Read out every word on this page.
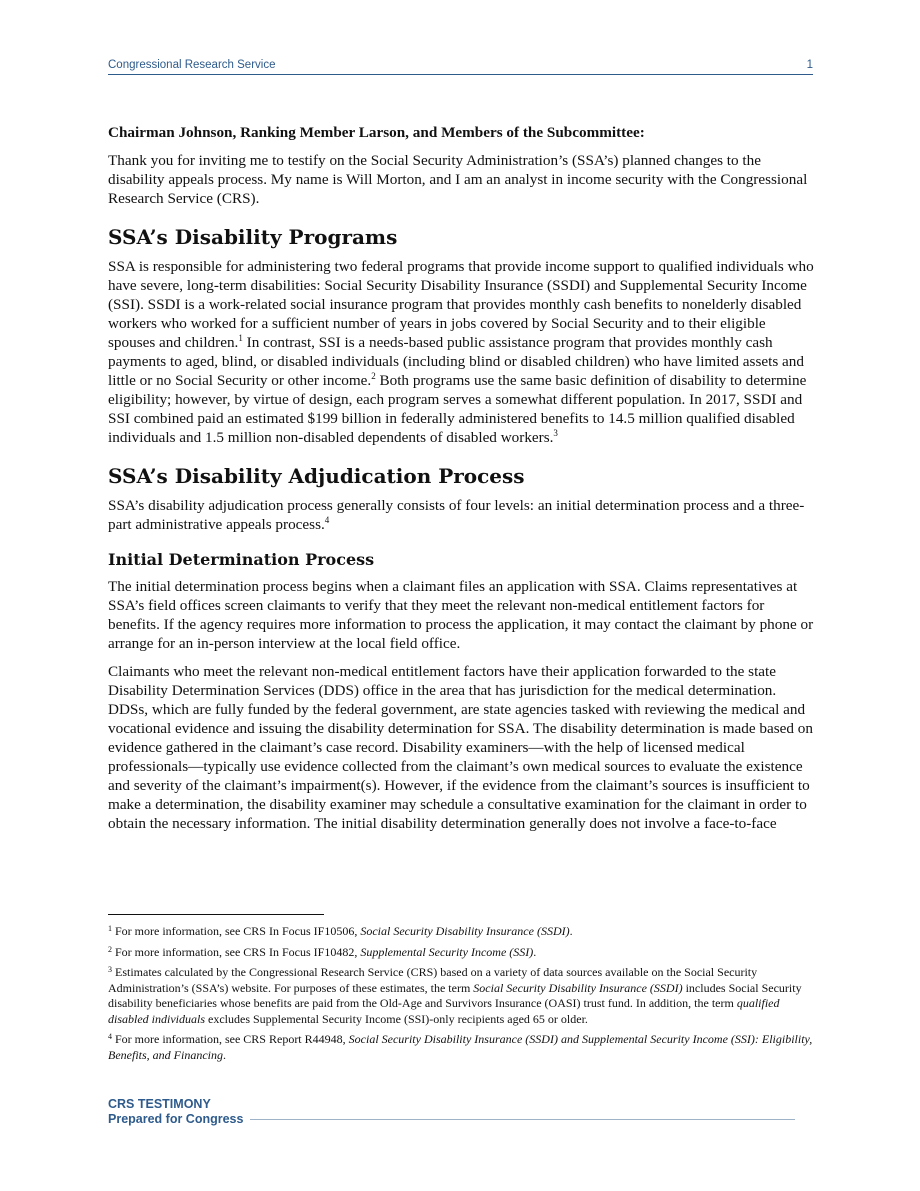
Congressional Research Service	1

Chairman Johnson, Ranking Member Larson, and Members of the Subcommittee:

Thank you for inviting me to testify on the Social Security Administration’s (SSA’s) planned changes to the disability appeals process. My name is Will Morton, and I am an analyst in income security with the Congressional Research Service (CRS).

SSA’s Disability Programs

SSA is responsible for administering two federal programs that provide income support to qualified individuals who have severe, long-term disabilities: Social Security Disability Insurance (SSDI) and Supplemental Security Income (SSI). SSDI is a work-related social insurance program that provides monthly cash benefits to nonelderly disabled workers who worked for a sufficient number of years in jobs covered by Social Security and to their eligible spouses and children.$^1$ In contrast, SSI is a needs-based public assistance program that provides monthly cash payments to aged, blind, or disabled individuals (including blind or disabled children) who have limited assets and little or no Social Security or other income.$^2$ Both programs use the same basic definition of disability to determine eligibility; however, by virtue of design, each program serves a somewhat different population. In 2017, SSDI and SSI combined paid an estimated $199 billion in federally administered benefits to 14.5 million qualified disabled individuals and 1.5 million non-disabled dependents of disabled workers.$^3$

SSA’s Disability Adjudication Process

SSA’s disability adjudication process generally consists of four levels: an initial determination process and a three-part administrative appeals process.$^4$

Initial Determination Process

The initial determination process begins when a claimant files an application with SSA. Claims representatives at SSA’s field offices screen claimants to verify that they meet the relevant non-medical entitlement factors for benefits. If the agency requires more information to process the application, it may contact the claimant by phone or arrange for an in-person interview at the local field office.

Claimants who meet the relevant non-medical entitlement factors have their application forwarded to the state Disability Determination Services (DDS) office in the area that has jurisdiction for the medical determination. DDSs, which are fully funded by the federal government, are state agencies tasked with reviewing the medical and vocational evidence and issuing the disability determination for SSA. The disability determination is made based on evidence gathered in the claimant’s case record. Disability examiners—with the help of licensed medical professionals—typically use evidence collected from the claimant’s own medical sources to evaluate the existence and severity of the claimant’s impairment(s). However, if the evidence from the claimant’s sources is insufficient to make a determination, the disability examiner may schedule a consultative examination for the claimant in order to obtain the necessary information. The initial disability determination generally does not involve a face-to-face

$^1$ For more information, see CRS In Focus IF10506, Social Security Disability Insurance (SSDI).

$^2$ For more information, see CRS In Focus IF10482, Supplemental Security Income (SSI).

$^3$ Estimates calculated by the Congressional Research Service (CRS) based on a variety of data sources available on the Social Security Administration’s (SSA’s) website. For purposes of these estimates, the term Social Security Disability Insurance (SSDI) includes Social Security disability beneficiaries whose benefits are paid from the Old-Age and Survivors Insurance (OASI) trust fund. In addition, the term qualified disabled individuals excludes Supplemental Security Income (SSI)-only recipients aged 65 or older.

$^4$ For more information, see CRS Report R44948, Social Security Disability Insurance (SSDI) and Supplemental Security Income (SSI): Eligibility, Benefits, and Financing.

CRS TESTIMONY
Prepared for Congress
